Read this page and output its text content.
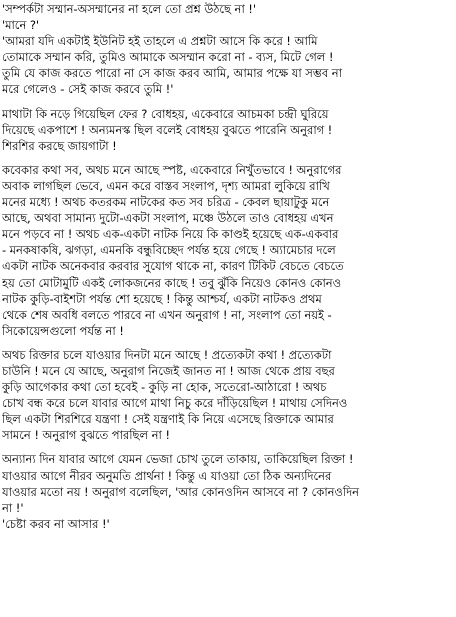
'সম্পর্কটা সম্মান-অসম্মানের না হলে তো প্রশ্ন উঠছে না !'
'মানে ?'
'আমরা যদি একটাই ইউনিট হই তাহলে এ প্রশ্নটা আসে কি করে ! আমি
তোমাকে সম্মান করি, তুমিও আমাকে অসম্মান করো না - ব্যস, মিটে গেল !
তুমি যে কাজ করতে পারো না সে কাজ করব আমি, আমার পক্ষে যা সম্ভব না
মরে গেলেও - সেই কাজ করবে তুমি !'
মাথাটা কি নড়ে গিয়েছিল ফের ? বোধহয়, একেবারে আচমকা চন্দ্রী ঘুরিয়ে
দিয়েছে একপাশে ! অন্যমনস্ক ছিল বলেই বোধহয় বুঝতে পারেনি অনুরাগ !
শিরশির করছে জায়গাটা !
কবেকার কথা সব, অথচ মনে আছে স্পষ্ট, একেবারে নিখুঁতভাবে ! অনুরাগের
অবাক লাগছিল ভেবে, এমন করে বাস্তব সংলাপ, দৃশ্য আমরা লুকিয়ে রাখি
মনের মধ্যে ! অথচ কতরকম নাটকের কত সব চরিত্র - কেবল ছায়াটুকু মনে
আছে, অথবা সামান্য দুটো-একটা সংলাপ, মঞ্চে উঠলে তাও বোধহয় এখন
মনে পড়বে না ! অথচ এক-একটা নাটক নিয়ে কি কাণ্ডই হয়েছে এক-একবার
- মনকষাকষি, ঝগড়া, এমনকি বন্ধুবিচ্ছেদ পর্যন্ত হয়ে গেছে ! অ্যামেচার দলে
একটা নাটক অনেকবার করবার সুযোগ থাকে না, কারণ টিকিট বেচতে বেচতে
হয় তো মোটামুটি একই লোকজনের কাছে ! তবু ঝুঁকি নিয়েও কোনও কোনও
নাটক কুড়ি-বাইশটা পর্যন্ত শো হয়েছে ! কিন্তু আশ্চর্য, একটা নাটকও প্রথম
থেকে শেষ অবধি বলতে পারবে না এখন অনুরাগ ! না, সংলাপ তো নয়ই -
সিকোয়েন্সগুলো পর্যন্ত না !
অথচ রিক্তার চলে যাওয়ার দিনটা মনে আছে ! প্রত্যেকটা কথা ! প্রত্যেকটা
চাউনি ! মনে যে আছে, অনুরাগ নিজেই জানত না ! আজ থেকে প্রায় বছর
কুড়ি আগেকার কথা তো হবেই - কুড়ি না হোক, সতেরো-আঠারো ! অথচ
চোখ বন্ধ করে চলে যাবার আগে মাথা নিচু করে দাঁড়িয়েছিল ! মাথায় সেদিনও
ছিল একটা শিরশিরে যন্ত্রণা ! সেই যন্ত্রণাই কি নিয়ে এসেছে রিক্তাকে আমার
সামনে ! অনুরাগ বুঝতে পারছিল না !
অন্যান্য দিন যাবার আগে যেমন ভেজা চোখ তুলে তাকায়, তাকিয়েছিল রিক্তা !
যাওয়ার আগে নীরব অনুমতি প্রার্থনা ! কিন্তু এ যাওয়া তো ঠিক অন্যদিনের
যাওয়ার মতো নয় ! অনুরাগ বলেছিল, 'আর কোনওদিন আসবে না ? কোনওদিন
না !'
'চেষ্টা করব না আসার !'
